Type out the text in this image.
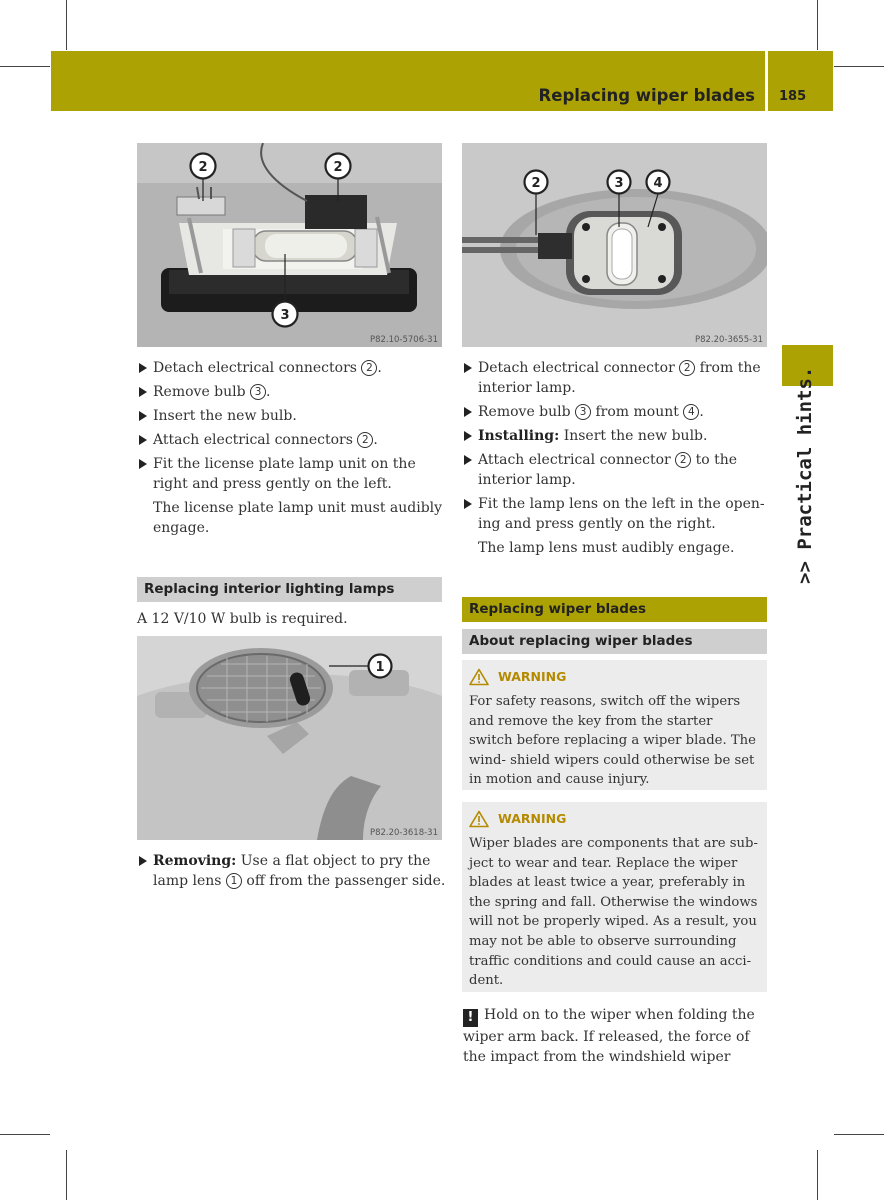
Replacing wiper blades 185
>> Practical hints.
2	2
3
P82.10-5706-31
2	3 4
P82.20-3655-31
Detach electrical connectors 2 .
Remove bulb 3 .
Insert the new bulb.
Attach electrical connectors 2 .
Fit the license plate lamp unit on the right and press gently on the left.
The license plate lamp unit must audibly engage.
Replacing interior lighting lamps
A 12 V/10 W bulb is required.
1
P82.20-3618-31
Removing: Use a flat object to pry the lamp lens 1 off from the passenger side.
Detach electrical connector 2 from the interior lamp.
Remove bulb 3 from mount 4 .
Installing: Insert the new bulb.
Attach electrical connector 2 to the interior lamp.
Fit the lamp lens on the left in the open- ing and press gently on the right.
The lamp lens must audibly engage.
Replacing wiper blades
About replacing wiper blades
WARNING
For safety reasons, switch off the wipers and remove the key from the starter switch before replacing a wiper blade. The wind- shield wipers could otherwise be set in motion and cause injury.
WARNING
Wiper blades are components that are sub- ject to wear and tear. Replace the wiper blades at least twice a year, preferably in the spring and fall. Otherwise the windows will not be properly wiped. As a result, you may not be able to observe surrounding traffic conditions and could cause an acci- dent.
! Hold on to the wiper when folding the wiper arm back. If released, the force of the impact from the windshield wiper
